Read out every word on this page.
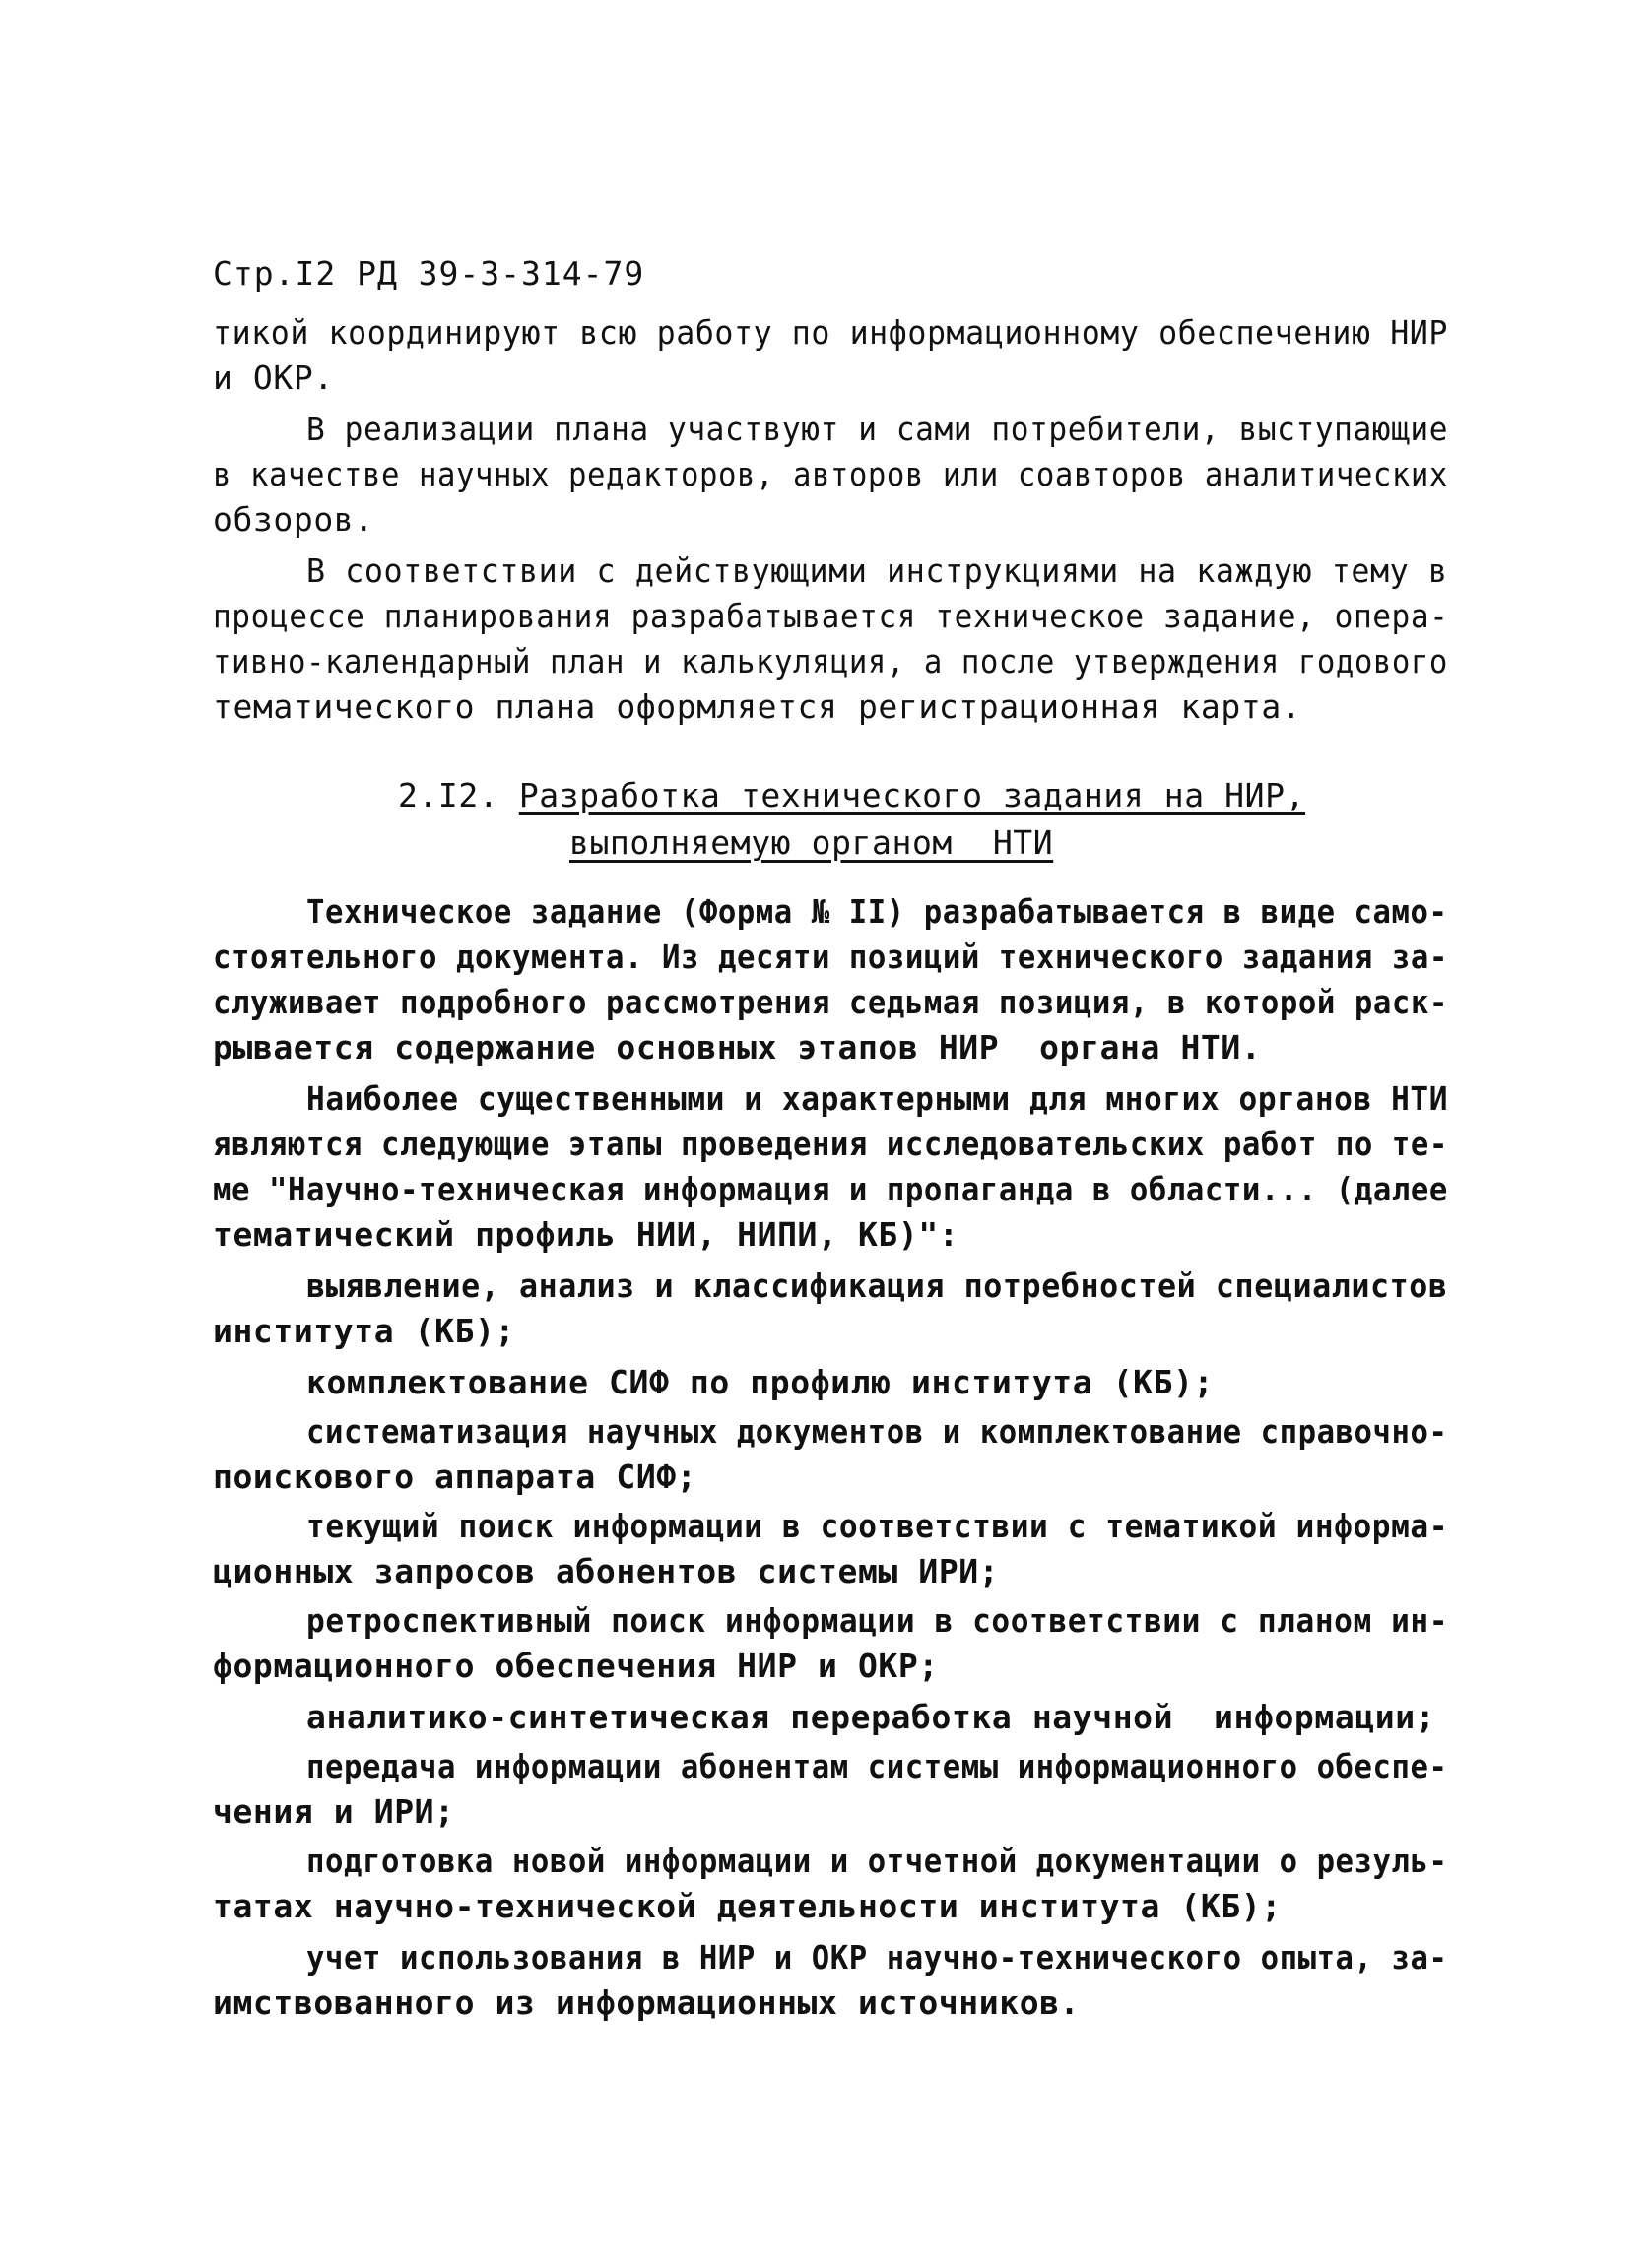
Стр.I2 РД 39-3-314-79
тикой координируют всю работу по информационному обеспечению НИР
и ОКР.
В реализации плана участвуют и сами потребители, выступающие
в качестве научных редакторов, авторов или соавторов аналитических
обзоров.
В соответствии с действующими инструкциями на каждую тему в
процессе планирования разрабатывается техническое задание, опера-
тивно-календарный план и калькуляция, а после утверждения годового
тематического плана оформляется регистрационная карта.
2.I2. Разработка технического задания на НИР,
выполняемую органом  НТИ
Техническое задание (Форма № II) разрабатывается в виде само-
стоятельного документа. Из десяти позиций технического задания за-
служивает подробного рассмотрения седьмая позиция, в которой раск-
рывается содержание основных этапов НИР  органа НТИ.
Наиболее существенными и характерными для многих органов НТИ
являются следующие этапы проведения исследовательских работ по те-
ме "Научно-техническая информация и пропаганда в области... (далее
тематический профиль НИИ, НИПИ, КБ)":
выявление, анализ и классификация потребностей специалистов
института (КБ);
комплектование СИФ по профилю института (КБ);
систематизация научных документов и комплектование справочно-
поискового аппарата СИФ;
текущий поиск информации в соответствии с тематикой информа-
ционных запросов абонентов системы ИРИ;
ретроспективный поиск информации в соответствии с планом ин-
формационного обеспечения НИР и ОКР;
аналитико-синтетическая переработка научной  информации;
передача информации абонентам системы информационного обеспе-
чения и ИРИ;
подготовка новой информации и отчетной документации о резуль-
татах научно-технической деятельности института (КБ);
учет использования в НИР и ОКР научно-технического опыта, за-
имствованного из информационных источников.
